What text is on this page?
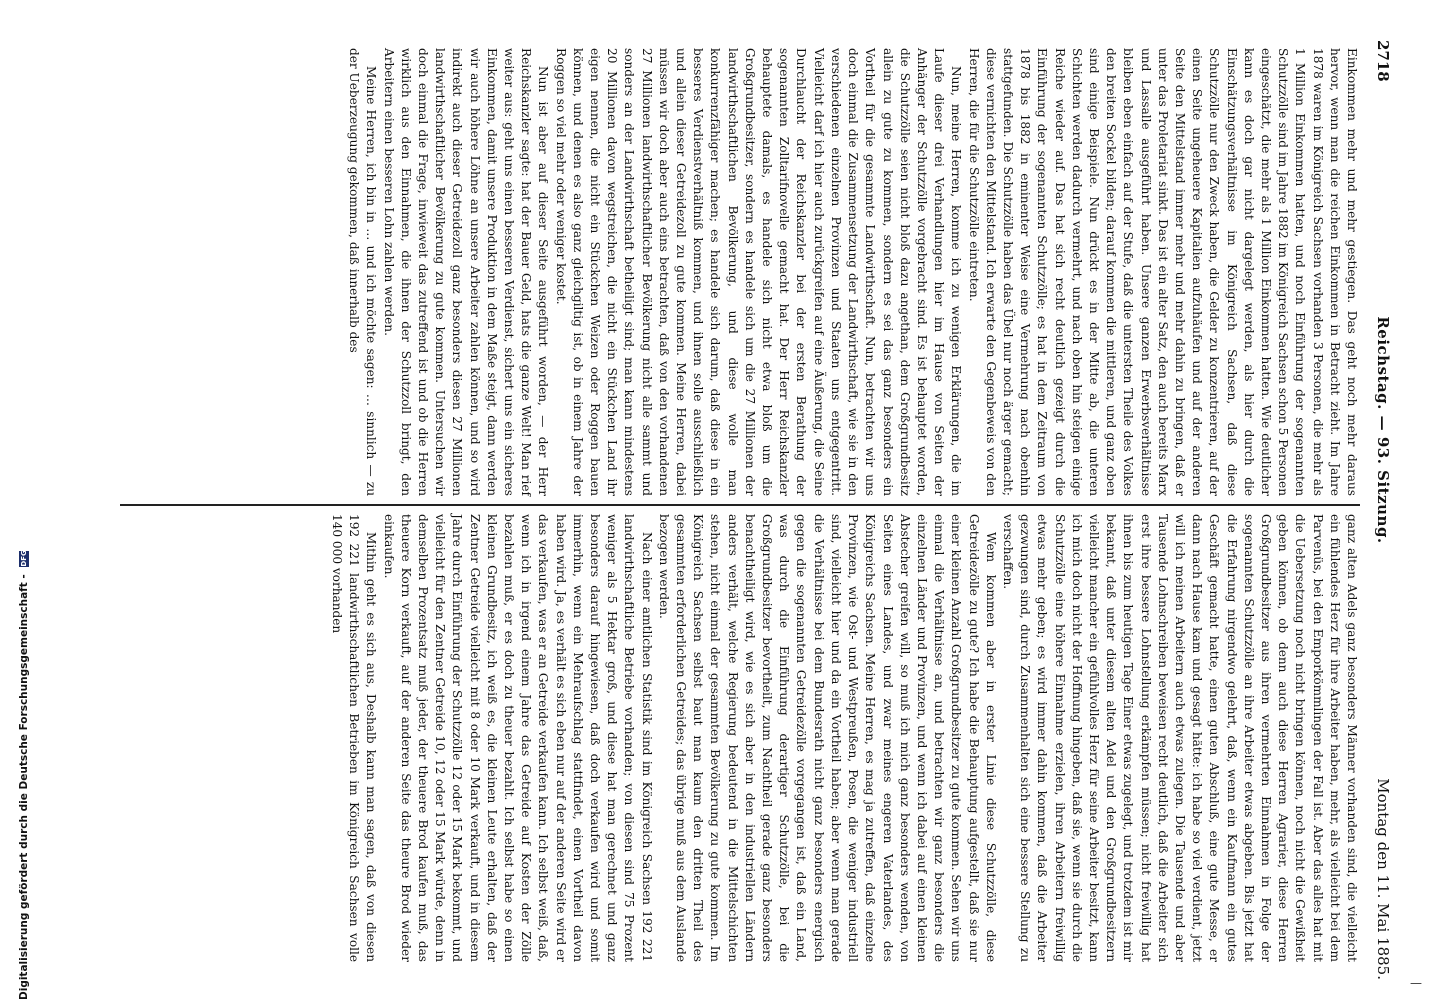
2718
Reichstag. — 93. Sitzung.
Montag den 11. Mai 1885.

Einkommen mehr und mehr gestiegen. Das geht noch mehr daraus hervor, wenn man die reichen Einkommen in Betracht zieht. Im Jahre 1878 waren im Königreich Sachsen vorhanden 3 Personen, die mehr als 1 Million Einkommen hatten, und noch Einführung der sogenannten Schutzzölle sind im Jahre 1882 im Königreich Sachsen schon 5 Personen eingeschätzt, die mehr als 1 Million Einkommen hatten. Wie deutlicher kann es doch gar nicht dargelegt werden, als hier durch die Einschätzungsverhältnisse im Königreich Sachsen, daß diese Schutzzölle nur den Zweck haben, die Gelder zu konzentrieren, auf der einen Seite ungeheuere Kapitalien aufzuhäufen und auf der anderen Seite den Mittelstand immer mehr und mehr dahin zu bringen, daß er unter das Proletariat sinkt. Das ist ein alter Satz, den auch bereits Marx und Lassalle ausgeführt haben. Unsere ganzen Erwerbsverhältnisse bleiben eben einfach auf der Stufe, daß die untersten Theile des Volkes den breiten Sockel bilden; darauf kommen die mittleren, und ganz oben sind einige Beispiele. Nun drückt es in der Mitte ab, die unteren Schichten werden dadurch vermehrt, und nach oben hin steigen einige Reiche wieder auf. Das hat sich recht deutlich gezeigt durch die Einführung der sogenannten Schutzzölle; es hat in dem Zeitraum von 1878 bis 1882 in eminenter Weise eine Vermehrung nach obenhin stattgefunden. Die Schutzzölle haben das Übel nur noch ärger gemacht; diese vernichten den Mittelstand. Ich erwarte den Gegenbeweis von den Herren, die für die Schutzzölle eintreten.

Nun, meine Herren, komme ich zu wenigen Erklärungen, die im Laufe dieser drei Verhandlungen hier im Hause von Seiten der Anhänger der Schutzzölle vorgebracht sind. Es ist behauptet worden, die Schutzzölle seien nicht bloß dazu angethan, dem Großgrundbesitz allein zu gute zu kommen, sondern es sei das ganz besonders ein Vortheil für die gesammte Landwirthschaft. Nun, betrachten wir uns doch einmal die Zusammensetzung der Landwirthschaft, wie sie in den verschiedenen einzelnen Provinzen und Staaten uns entgegentritt. Vielleicht darf ich hier auch zurückgreifen auf eine Äußerung, die Seine Durchlaucht der Reichskanzler bei der ersten Berathung der sogenannten Zolltarifnovelle gemacht hat. Der Herr Reichskanzler behauptete damals, es handele sich nicht etwa bloß um die Großgrundbesitzer, sondern es handele sich um die 27 Millionen der landwirthschaftlichen Bevölkerung, und diese wolle man konkurrenzfähiger machen; es handele sich darum, daß diese in ein besseres Verdienstverhältniß kommen, und ihnen solle ausschließlich und allein dieser Getreidezoll zu gute kommen. Meine Herren, dabei müssen wir doch aber auch eins betrachten, daß von den vorhandenen 27 Millionen landwirthschaftlicher Bevölkerung nicht alle sammt und sonders an der Landwirthschaft betheiligt sind; man kann mindestens 20 Millionen davon wegstreichen, die nicht ein Stückchen Land ihr eigen nennen, die nicht ein Stückchen Weizen oder Roggen bauen können, und denen es also ganz gleichgiltig ist, ob in einem Jahre der Roggen so viel mehr oder weniger kostet.

Nun ist aber auf dieser Seite ausgeführt worden, — der Herr Reichskanzler sagte: hat der Bauer Geld, hats die ganze Welt! Man rief weiter aus: geht uns einen besseren Verdienst, sichert uns ein sicheres Einkommen, damit unsere Produktion in dem Maße steigt, dann werden wir auch höhere Löhne an unsere Arbeiter zahlen können, und so wird indirekt auch dieser Getreidezoll ganz besonders diesen 27 Millionen landwirthschaftlicher Bevölkerung zu gute kommen. Untersuchen wir doch einmal die Frage, inwieweit das zutreffend ist und ob die Herren wirklich aus den Einnahmen, die ihnen der Schutzzoll bringt, den Arbeitern einen besseren Lohn zahlen werden.

Meine Herren, ich bin in … und ich möchte sagen: … sinnlich — zu der Ueberzeugung gekommen, daß innerhalb des

ganz alten Adels ganz besonders Männer vorhanden sind, die vielleicht ein fühlendes Herz für ihre Arbeiter haben, mehr, als vielleicht bei dem Parvenüs, bei den Emporkömmlingen der Fall ist. Aber das alles hat mit die Uebersetzung noch nicht bringen können, noch nicht die Gewißheit geben können, ob denn auch diese Herren Agrarier, diese Herren Großgrundbesitzer aus ihren vermehrten Einnahmen in Folge der sogenannten Schutzzölle an ihre Arbeiter etwas abgeben. Bis jetzt hat die Erfahrung nirgendwo gelehrt, daß, wenn ein Kaufmann ein gutes Geschäft gemacht hatte, einen guten Abschluß, eine gute Messe, er dann nach Hause kam und gesagt hätte: ich habe so viel verdient, jetzt will ich meinen Arbeitern auch etwas zulegen. Die Tausende und aber Tausende Lohnschreiben beweisen recht deutlich, daß die Arbeiter sich erst ihre bessere Lohnstellung erkämpfen müssen; nicht freiwillig hat ihnen bis zum heutigen Tage Einer etwas zugelegt, und trotzdem ist mir bekannt, daß unter diesem alten Adel und den Großgrundbesitzern vielleicht mancher ein gefühlvolles Herz für seine Arbeiter besitzt, kann ich mich doch nicht der Hoffnung hingeben, daß sie, wenn sie durch die Schutzzölle eine höhere Einnahme erzielen, ihren Arbeitern freiwillig etwas mehr geben; es wird immer dahin kommen, daß die Arbeiter gezwungen sind, durch Zusammenhalten sich eine bessere Stellung zu verschaffen.

Wem kommen aber in erster Linie diese Schutzzölle, diese Getreidezölle zu gute? Ich habe die Behauptung aufgestellt, daß sie nur einer kleinen Anzahl Großgrundbesitzer zu gute kommen. Sehen wir uns einmal die Verhältnisse an, und betrachten wir ganz besonders die einzelnen Länder und Provinzen, und wenn ich dabei auf einen kleinen Abstecher greifen will, so muß ich mich ganz besonders wenden, von Seiten eines Landes, und zwar meines engeren Vaterlandes, des Königreichs Sachsen. Meine Herren, es mag ja zutreffen, daß einzelne Provinzen, wie Ost- und Westpreußen, Posen, die weniger industriell sind, vielleicht hier und da ein Vortheil haben; aber wenn man gerade die Verhältnisse bei dem Bundesrath nicht ganz besonders energisch gegen die sogenannten Getreidezölle vorgegangen ist, daß ein Land, was durch die Einführung derartiger Schutzzölle, bei die Großgrundbesitzer bevortheilt, zum Nachtheil gerade ganz besonders benachtheiligt wird, wie es sich aber in den industriellen Ländern anders verhält, welche Regierung bedeutend in die Mittelschichten stehen, nicht einmal der gesammten Bevölkerung zu gute kommen. Im Königreich Sachsen selbst baut man kaum den dritten Theil des gesammten erforderlichen Getreides; das übrige muß aus dem Auslande bezogen werden.

Nach einer amtlichen Statistik sind im Königreich Sachsen 192 221 landwirthschaftliche Betriebe vorhanden; von diesen sind 75 Prozent weniger als 5 Hektar groß, und diese hat man gerechnet und ganz besonders darauf hingewiesen, daß doch verkaufen wird und somit immerhin, wenn ein Mehraufschlag stattfindet, einen Vortheil davon haben wird. Ja, es verhält es sich eben nur auf der anderen Seite wird er das verkaufen, was er an Getreide verkaufen kann. Ich selbst weiß, daß, wenn ich in irgend einem Jahre das Getreide auf Kosten der Zölle bezahlen muß, er es doch zu theuer bezahlt. Ich selbst habe so einen kleinen Grundbesitz, ich weiß es, die kleinen Leute erhalten, daß der Zentner Getreide vielleicht mit 8 oder 10 Mark verkauft, und in diesem Jahre durch Einführung der Schutzzölle 12 oder 15 Mark bekommt, und vielleicht für den Zentner Getreide 10, 12 oder 15 Mark würde, denn in demselben Prozentsatz muß jeder, der theuere Brod kaufen muß, das theuere Korn verkauft, auf der anderen Seite das theure Brod wieder einkaufen.

Mithin geht es sich aus, Deshalb kann man sagen, daß von diesen 192 221 landwirthschaftlichen Betrieben im Königreich Sachsen volle 140 000 vorhanden

Digitalisierung gefördert durch die Deutsche Forschungsgemeinschaft - DFG
—
